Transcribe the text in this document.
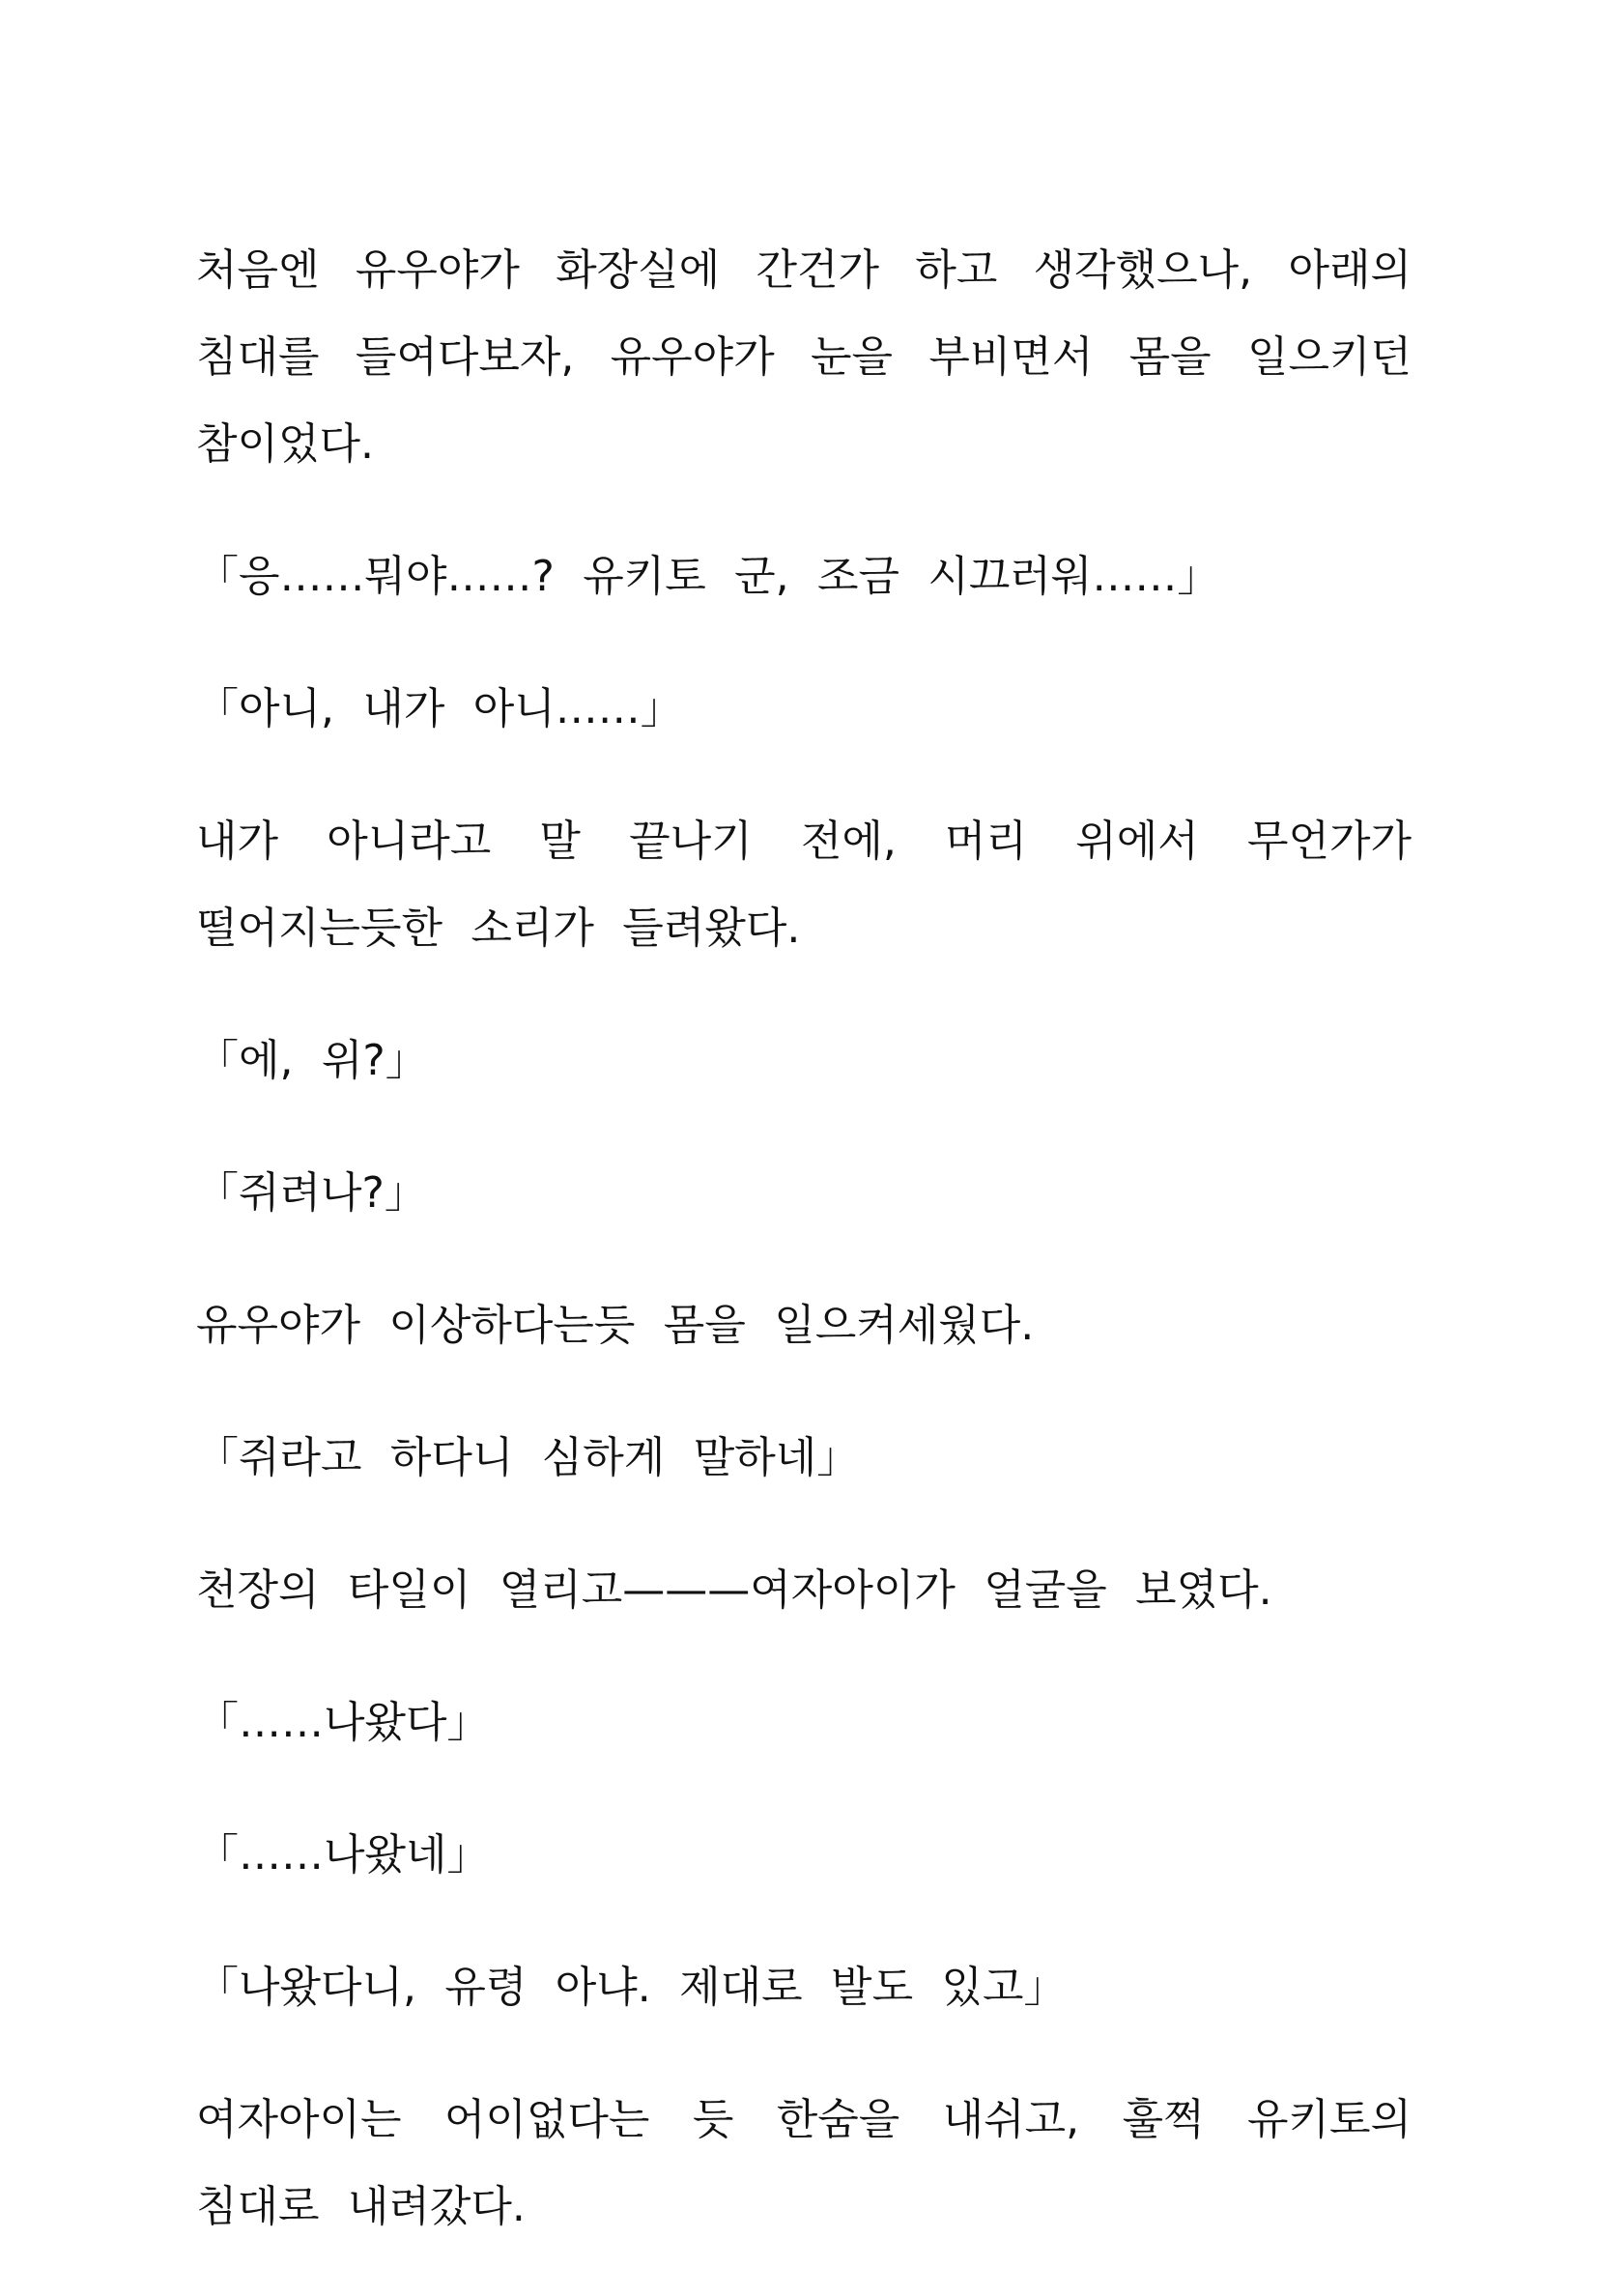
처음엔 유우야가 화장실에 간건가 하고 생각했으나, 아래의 침대를 들여다보자, 유우야가 눈을 부비면서 몸을 일으키던 참이었다.

「응……뭐야……? 유키토 군, 조금 시끄러워……」

「아니, 내가 아니……」

내가 아니라고 말 끝나기 전에, 머리 위에서 무언가가 떨어지는듯한 소리가 들려왔다.

「에, 위?」

「쥐려나?」

유우야가 이상하다는듯 몸을 일으켜세웠다.

「쥐라고 하다니 심하게 말하네」

천장의 타일이 열리고———여자아이가 얼굴을 보였다.

「……나왔다」

「……나왔네」

「나왔다니, 유령 아냐. 제대로 발도 있고」

여자아이는 어이없다는 듯 한숨을 내쉬고, 훌쩍 유키토의 침대로 내려갔다.
